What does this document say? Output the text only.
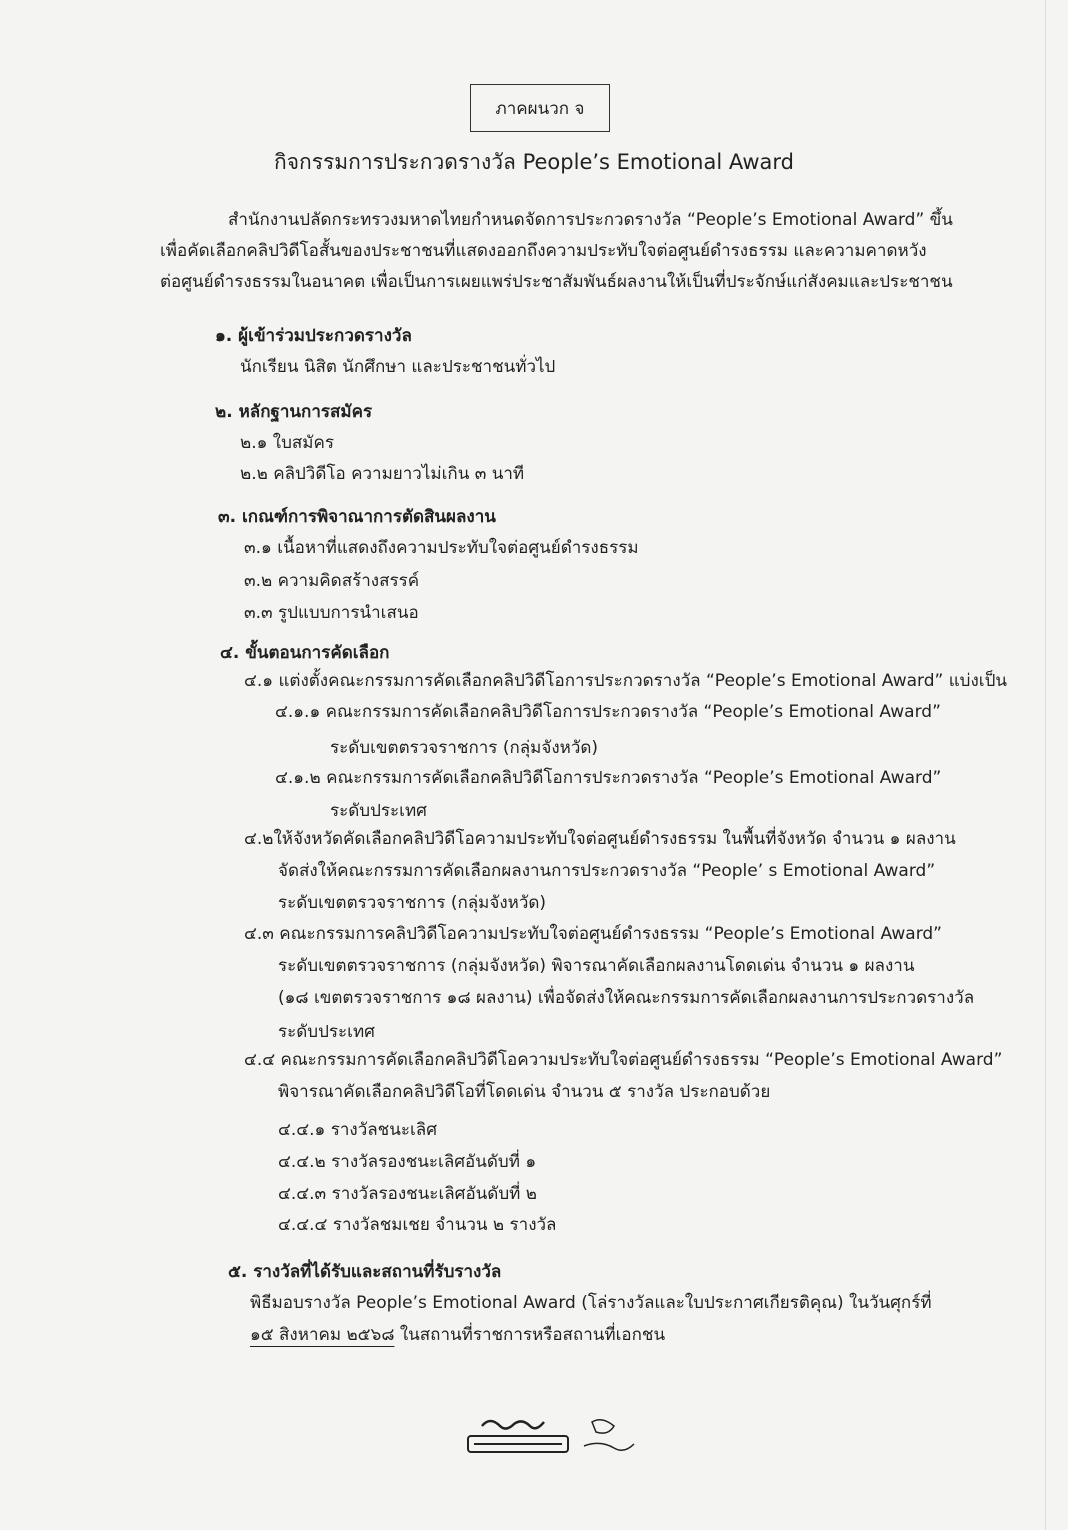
ภาคผนวก จ
กิจกรรมการประกวดรางวัล People’s Emotional Award
สำนักงานปลัดกระทรวงมหาดไทยกำหนดจัดการประกวดรางวัล “People’s Emotional Award” ขึ้น
เพื่อคัดเลือกคลิปวิดีโอสั้นของประชาชนที่แสดงออกถึงความประทับใจต่อศูนย์ดำรงธรรม และความคาดหวัง
ต่อศูนย์ดำรงธรรมในอนาคต เพื่อเป็นการเผยแพร่ประชาสัมพันธ์ผลงานให้เป็นที่ประจักษ์แก่สังคมและประชาชน
๑. ผู้เข้าร่วมประกวดรางวัล
นักเรียน นิสิต นักศึกษา และประชาชนทั่วไป
๒. หลักฐานการสมัคร
๒.๑ ใบสมัคร
๒.๒ คลิปวิดีโอ ความยาวไม่เกิน ๓ นาที
๓. เกณฑ์การพิจาณาการตัดสินผลงาน
๓.๑ เนื้อหาที่แสดงถึงความประทับใจต่อศูนย์ดำรงธรรม
๓.๒ ความคิดสร้างสรรค์
๓.๓ รูปแบบการนำเสนอ
๔. ขั้นตอนการคัดเลือก
๔.๑ แต่งตั้งคณะกรรมการคัดเลือกคลิปวิดีโอการประกวดรางวัล “People’s Emotional Award” แบ่งเป็น
๔.๑.๑ คณะกรรมการคัดเลือกคลิปวิดีโอการประกวดรางวัล “People’s Emotional Award”
ระดับเขตตรวจราชการ (กลุ่มจังหวัด)
๔.๑.๒ คณะกรรมการคัดเลือกคลิปวิดีโอการประกวดรางวัล “People’s Emotional Award”
ระดับประเทศ
๔.๒ให้จังหวัดคัดเลือกคลิปวิดีโอความประทับใจต่อศูนย์ดำรงธรรม ในพื้นที่จังหวัด จำนวน ๑ ผลงาน
จัดส่งให้คณะกรรมการคัดเลือกผลงานการประกวดรางวัล “People’ s Emotional Award”
ระดับเขตตรวจราชการ (กลุ่มจังหวัด)
๔.๓ คณะกรรมการคลิปวิดีโอความประทับใจต่อศูนย์ดำรงธรรม “People’s Emotional Award”
ระดับเขตตรวจราชการ (กลุ่มจังหวัด) พิจารณาคัดเลือกผลงานโดดเด่น จำนวน ๑ ผลงาน
(๑๘ เขตตรวจราชการ ๑๘ ผลงาน) เพื่อจัดส่งให้คณะกรรมการคัดเลือกผลงานการประกวดรางวัล
ระดับประเทศ
๔.๔ คณะกรรมการคัดเลือกคลิปวิดีโอความประทับใจต่อศูนย์ดำรงธรรม “People’s Emotional Award”
พิจารณาคัดเลือกคลิปวิดีโอที่โดดเด่น จำนวน ๕ รางวัล ประกอบด้วย
๔.๔.๑ รางวัลชนะเลิศ
๔.๔.๒ รางวัลรองชนะเลิศอันดับที่ ๑
๔.๔.๓ รางวัลรองชนะเลิศอันดับที่ ๒
๔.๔.๔ รางวัลชมเชย จำนวน ๒ รางวัล
๕. รางวัลที่ได้รับและสถานที่รับรางวัล
พิธีมอบรางวัล People’s Emotional Award (โล่รางวัลและใบประกาศเกียรติคุณ) ในวันศุกร์ที่
๑๕ สิงหาคม ๒๕๖๘ ในสถานที่ราชการหรือสถานที่เอกชน
